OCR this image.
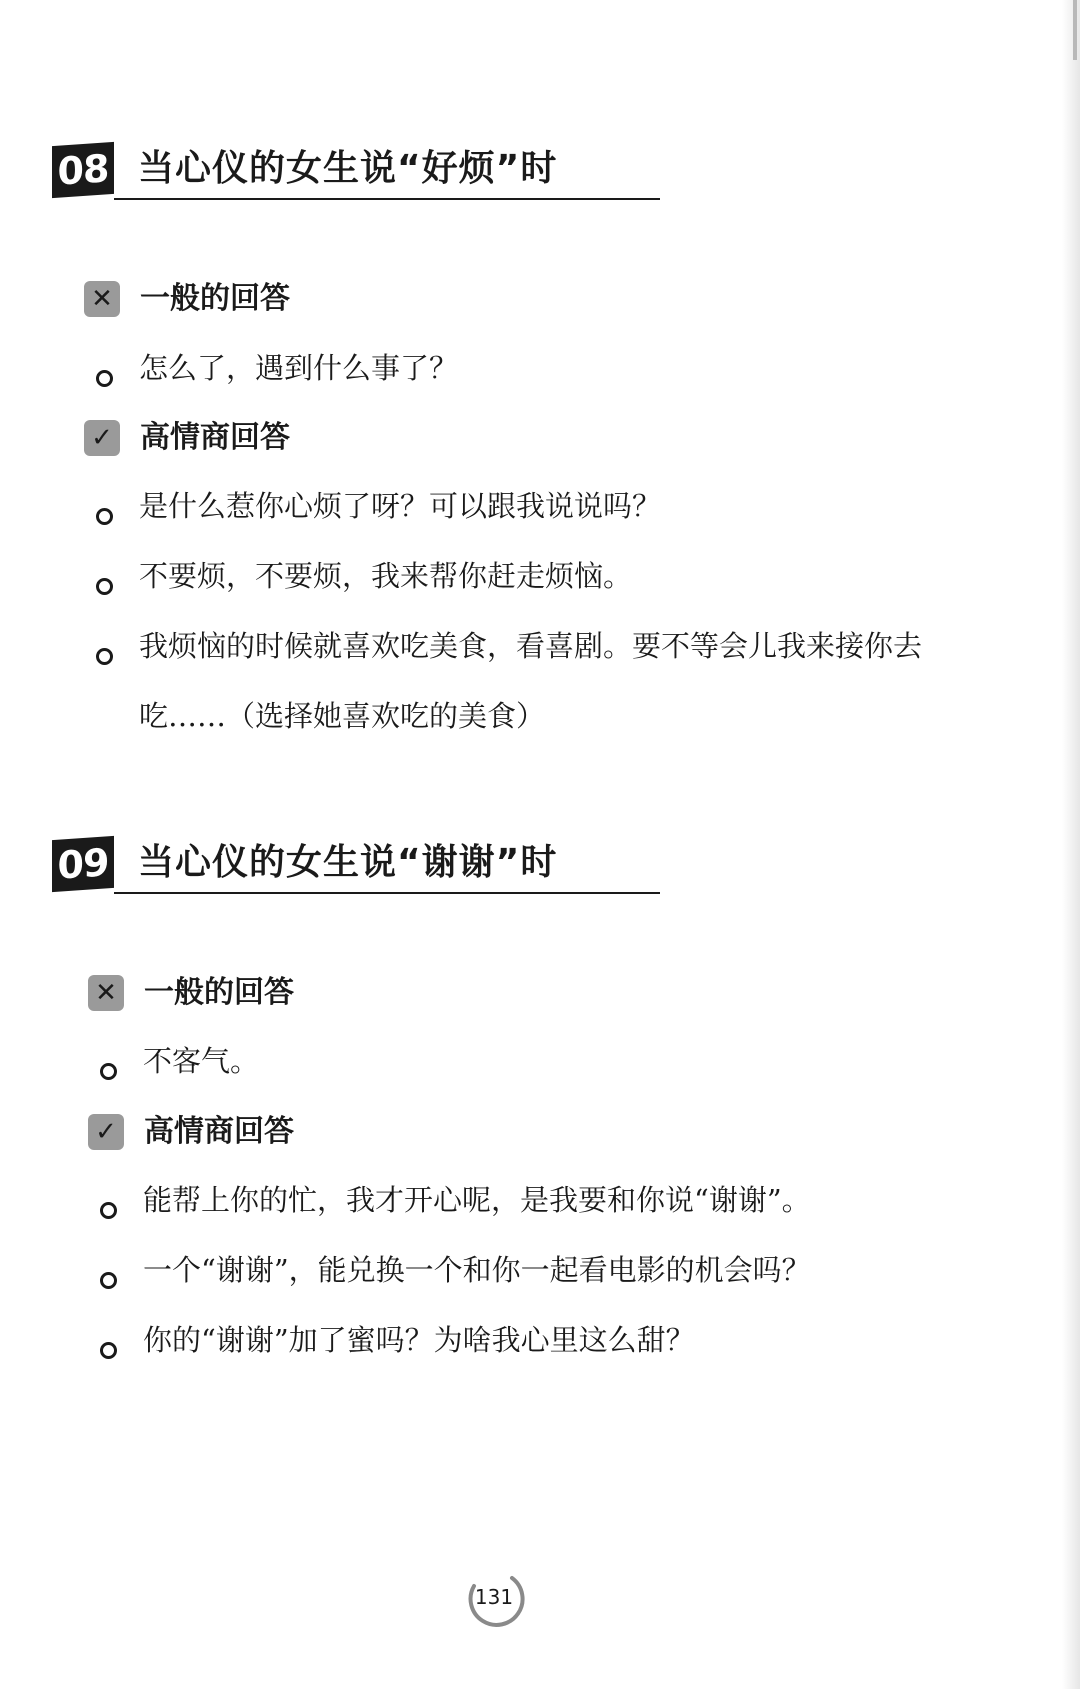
08 当心仪的女生说“好烦”时
✕ 一般的回答
怎么了，遇到什么事了？
✓ 高情商回答
是什么惹你心烦了呀？可以跟我说说吗？
不要烦，不要烦，我来帮你赶走烦恼。
我烦恼的时候就喜欢吃美食，看喜剧。要不等会儿我来接你去吃……（选择她喜欢吃的美食）
09 当心仪的女生说“谢谢”时
✕ 一般的回答
不客气。
✓ 高情商回答
能帮上你的忙，我才开心呢，是我要和你说“谢谢”。
一个“谢谢”，能兑换一个和你一起看电影的机会吗？
你的“谢谢”加了蜜吗？为啥我心里这么甜？
131
